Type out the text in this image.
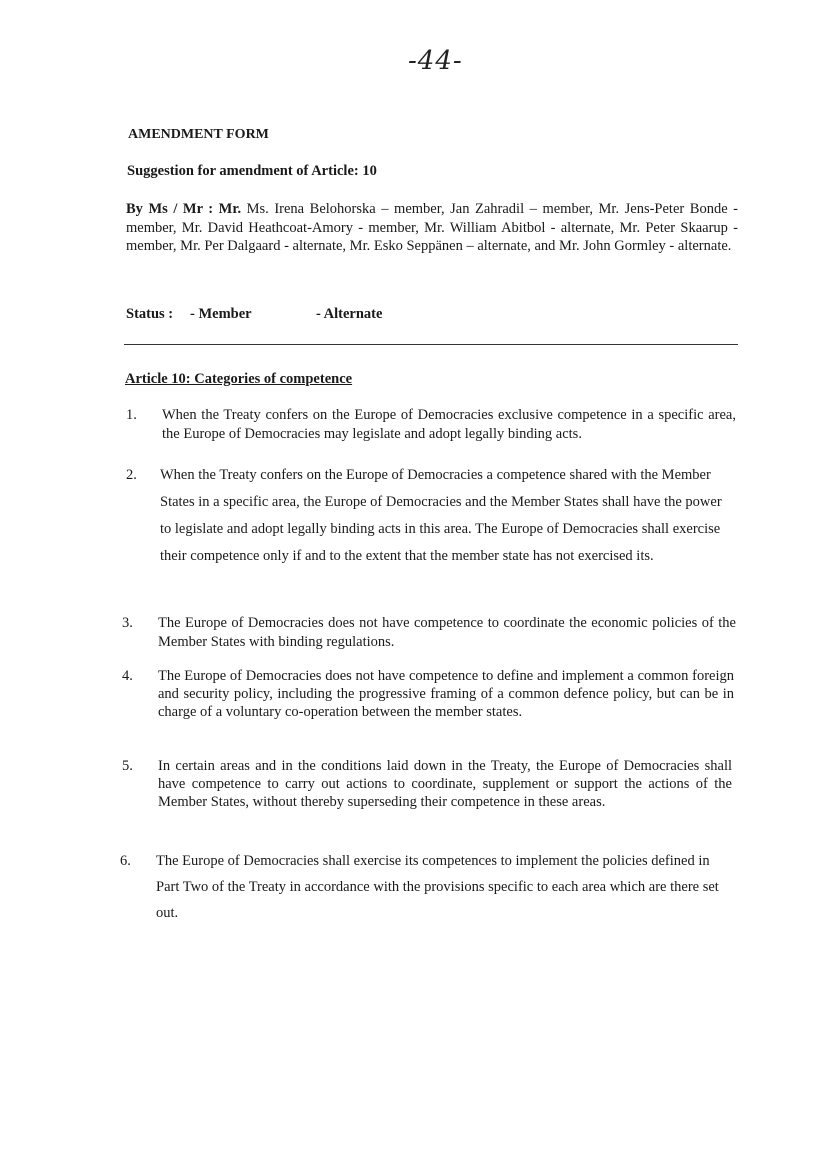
-44-
AMENDMENT FORM
Suggestion for amendment of Article: 10
By Ms / Mr : Mr. Ms. Irena Belohorska – member, Jan Zahradil – member, Mr. Jens-Peter Bonde - member, Mr. David Heathcoat-Amory - member, Mr. William Abitbol - alternate, Mr. Peter Skaarup - member, Mr. Per Dalgaard - alternate, Mr. Esko Seppänen – alternate, and Mr. John Gormley - alternate.
Status : - Member	- Alternate
Article 10: Categories of competence
1. When the Treaty confers on the Europe of Democracies exclusive competence in a specific area, the Europe of Democracies may legislate and adopt legally binding acts.
2. When the Treaty confers on the Europe of Democracies a competence shared with the Member States in a specific area, the Europe of Democracies and the Member States shall have the power to legislate and adopt legally binding acts in this area. The Europe of Democracies shall exercise their competence only if and to the extent that the member state has not exercised its.
3. The Europe of Democracies does not have competence to coordinate the economic policies of the Member States with binding regulations.
4. The Europe of Democracies does not have competence to define and implement a common foreign and security policy, including the progressive framing of a common defence policy, but can be in charge of a voluntary co-operation between the member states.
5. In certain areas and in the conditions laid down in the Treaty, the Europe of Democracies shall have competence to carry out actions to coordinate, supplement or support the actions of the Member States, without thereby superseding their competence in these areas.
6. The Europe of Democracies shall exercise its competences to implement the policies defined in Part Two of the Treaty in accordance with the provisions specific to each area which are there set out.
